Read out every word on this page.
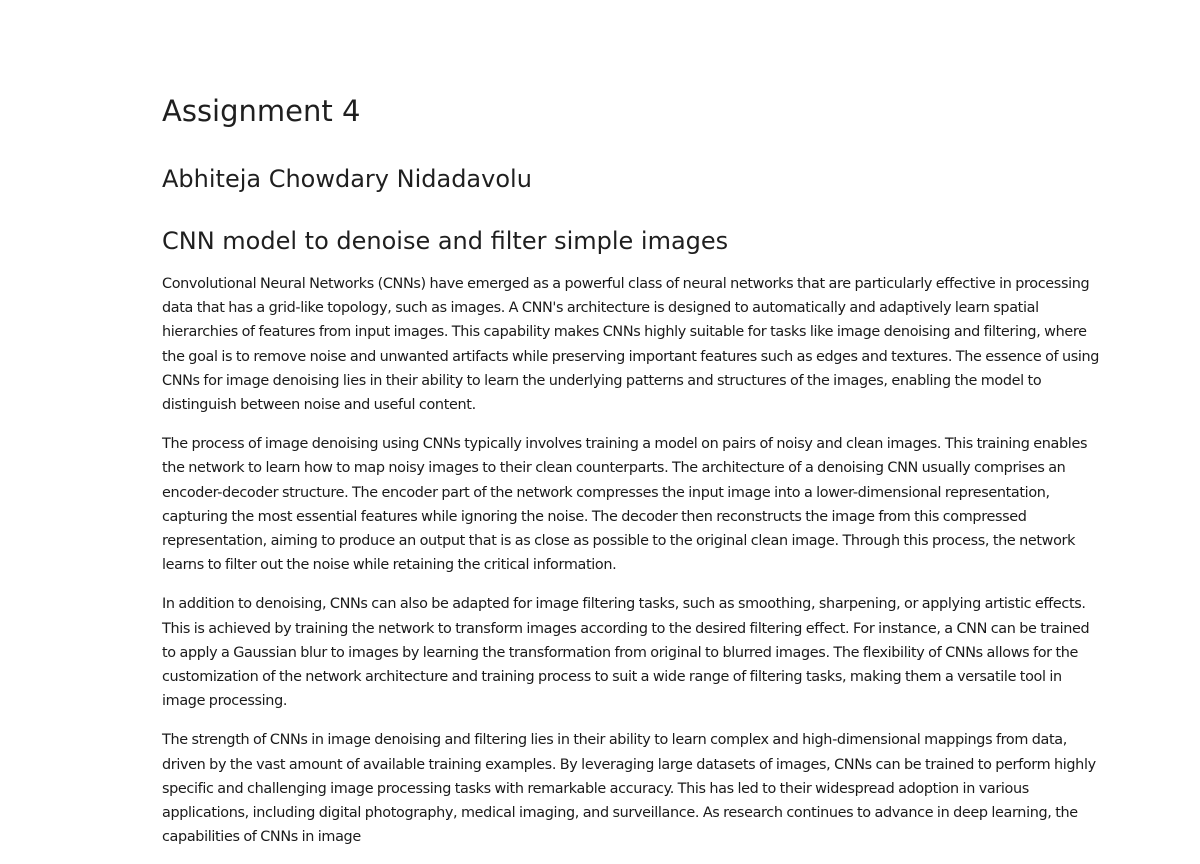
Assignment 4
Abhiteja Chowdary Nidadavolu
CNN model to denoise and filter simple images

Convolutional Neural Networks (CNNs) have emerged as a powerful class of neural networks that are particularly effective in processing data that has a grid-like topology, such as images. A CNN's architecture is designed to automatically and adaptively learn spatial hierarchies of features from input images. This capability makes CNNs highly suitable for tasks like image denoising and filtering, where the goal is to remove noise and unwanted artifacts while preserving important features such as edges and textures. The essence of using CNNs for image denoising lies in their ability to learn the underlying patterns and structures of the images, enabling the model to distinguish between noise and useful content.

The process of image denoising using CNNs typically involves training a model on pairs of noisy and clean images. This training enables the network to learn how to map noisy images to their clean counterparts. The architecture of a denoising CNN usually comprises an encoder-decoder structure. The encoder part of the network compresses the input image into a lower-dimensional representation, capturing the most essential features while ignoring the noise. The decoder then reconstructs the image from this compressed representation, aiming to produce an output that is as close as possible to the original clean image. Through this process, the network learns to filter out the noise while retaining the critical information.

In addition to denoising, CNNs can also be adapted for image filtering tasks, such as smoothing, sharpening, or applying artistic effects. This is achieved by training the network to transform images according to the desired filtering effect. For instance, a CNN can be trained to apply a Gaussian blur to images by learning the transformation from original to blurred images. The flexibility of CNNs allows for the customization of the network architecture and training process to suit a wide range of filtering tasks, making them a versatile tool in image processing.

The strength of CNNs in image denoising and filtering lies in their ability to learn complex and high-dimensional mappings from data, driven by the vast amount of available training examples. By leveraging large datasets of images, CNNs can be trained to perform highly specific and challenging image processing tasks with remarkable accuracy. This has led to their widespread adoption in various applications, including digital photography, medical imaging, and surveillance. As research continues to advance in deep learning, the capabilities of CNNs in image
